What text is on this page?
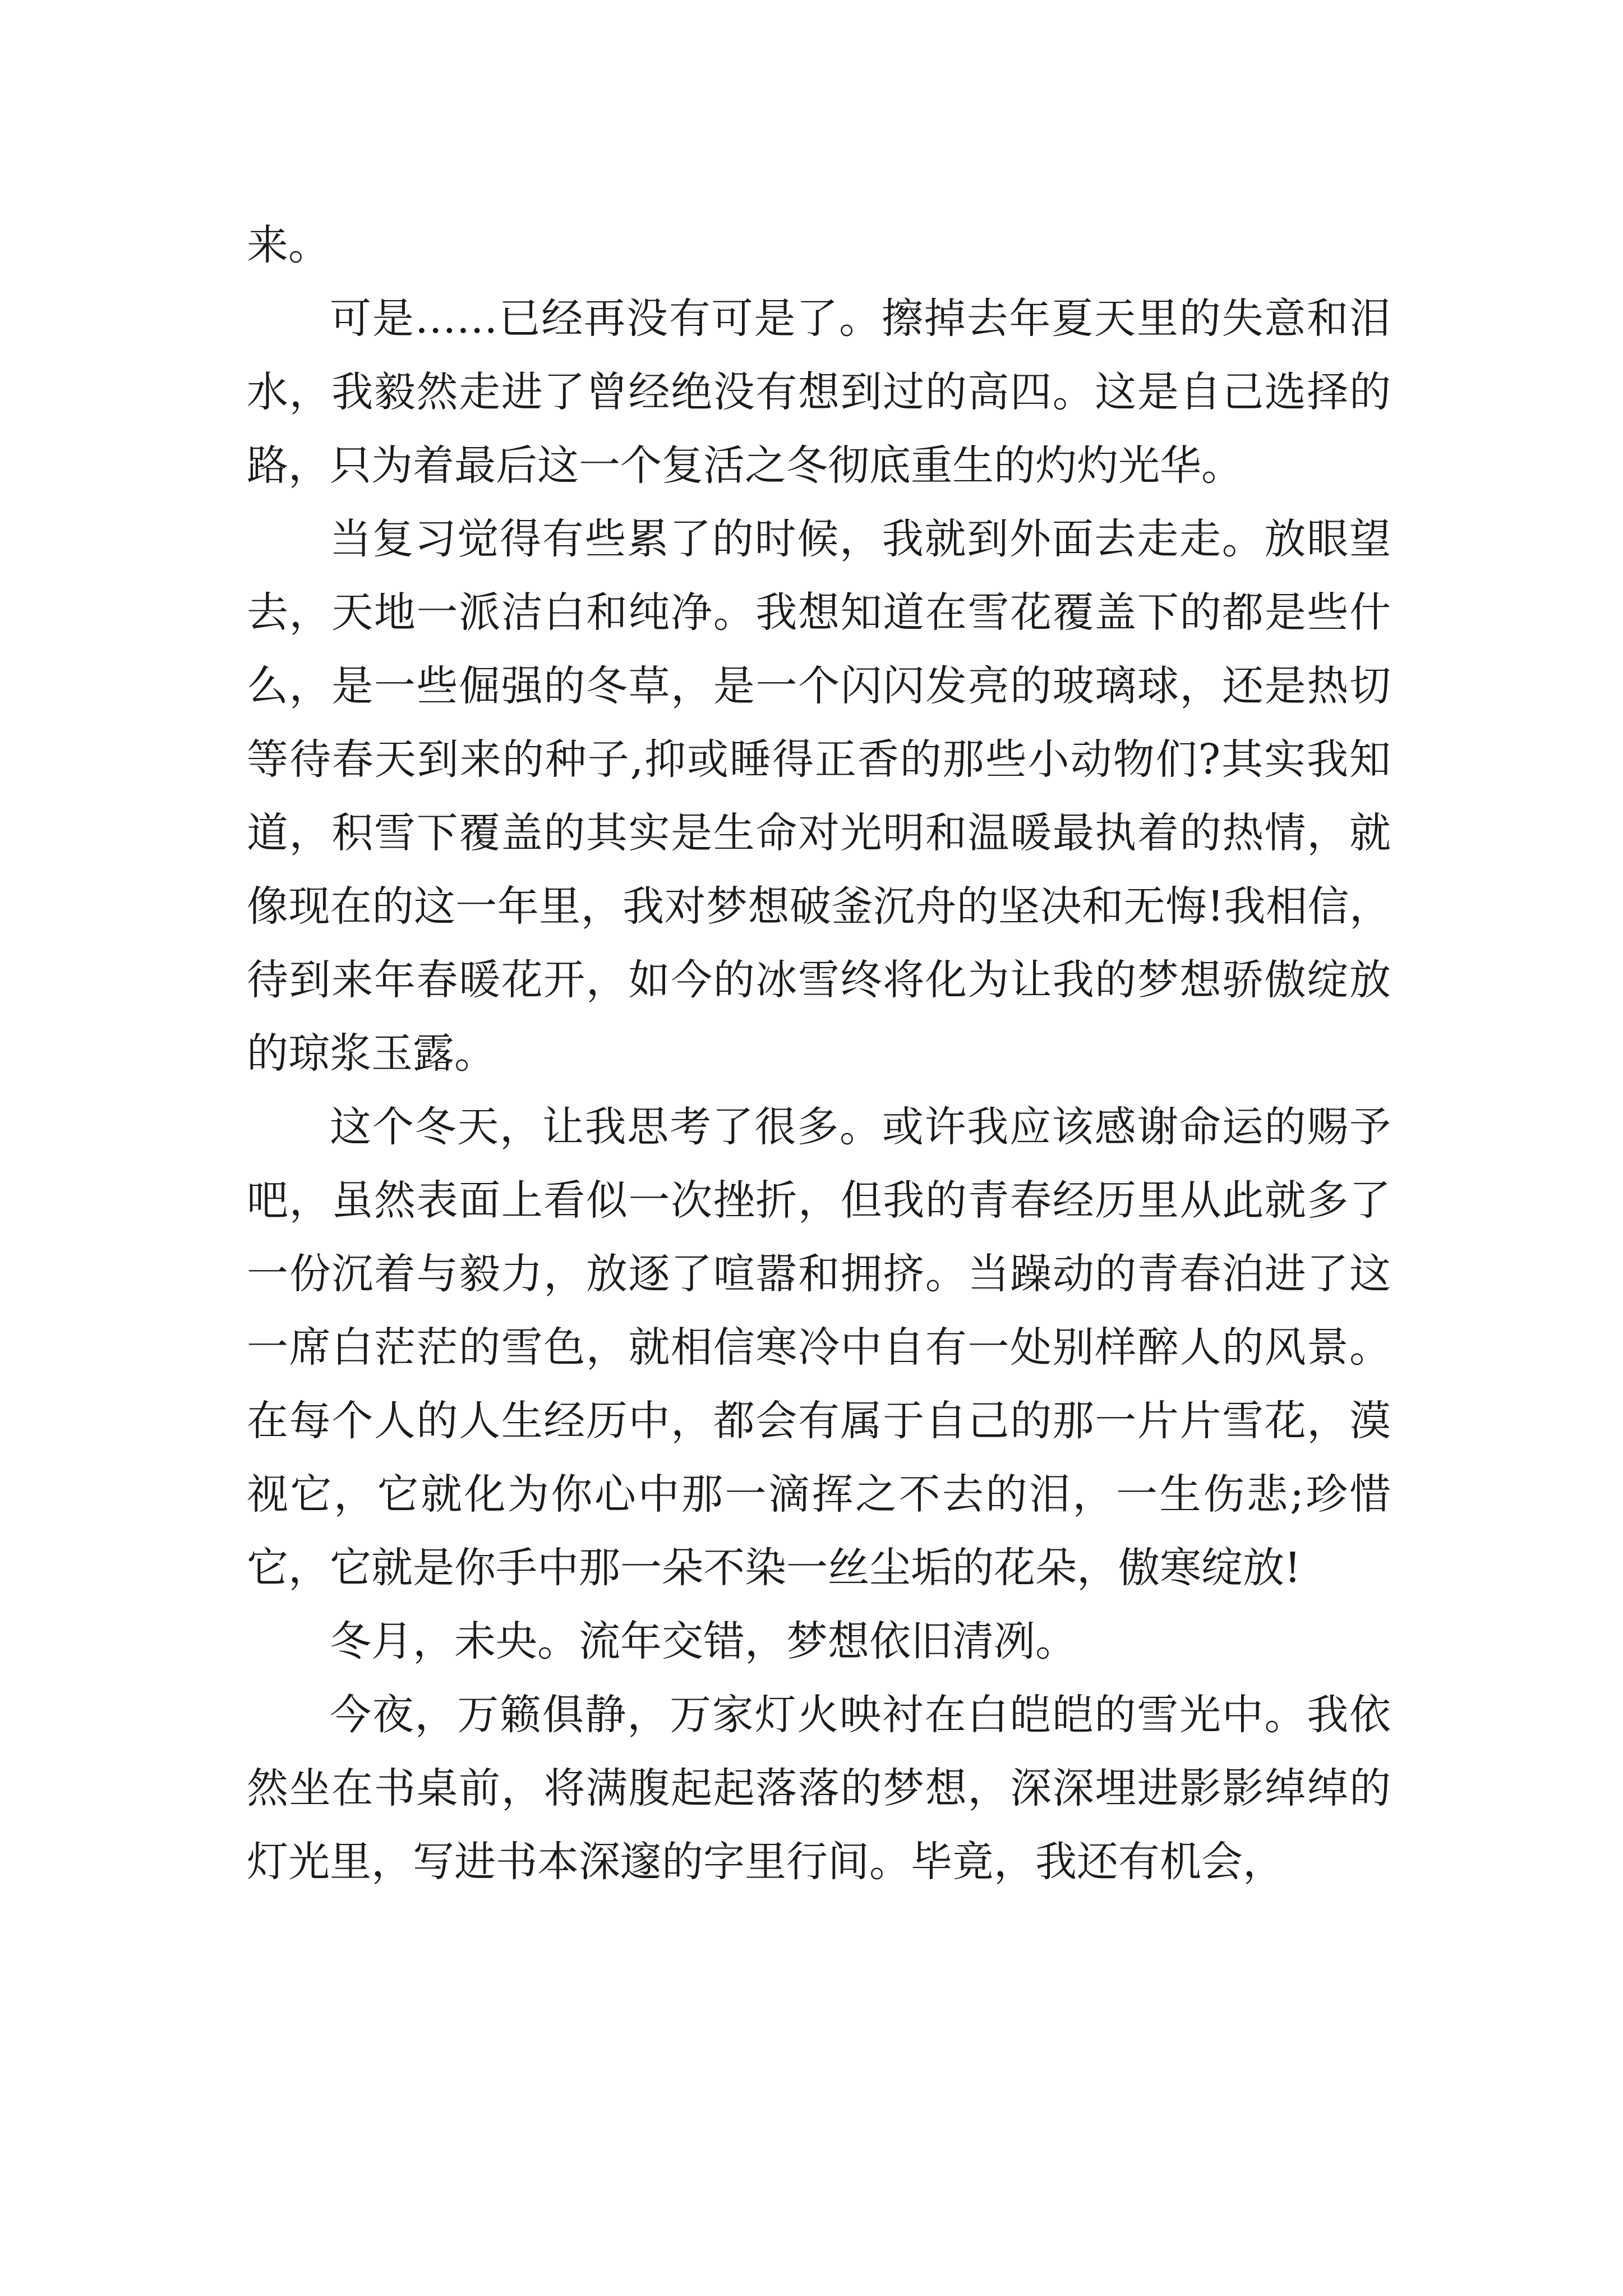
来。

可是……已经再没有可是了。擦掉去年夏天里的失意和泪水，我毅然走进了曾经绝没有想到过的高四。这是自己选择的路，只为着最后这一个复活之冬彻底重生的灼灼光华。

当复习觉得有些累了的时候，我就到外面去走走。放眼望去，天地一派洁白和纯净。我想知道在雪花覆盖下的都是些什么，是一些倔强的冬草，是一个闪闪发亮的玻璃球，还是热切等待春天到来的种子,抑或睡得正香的那些小动物们?其实我知道，积雪下覆盖的其实是生命对光明和温暖最执着的热情，就像现在的这一年里，我对梦想破釜沉舟的坚决和无悔!我相信，待到来年春暖花开，如今的冰雪终将化为让我的梦想骄傲绽放的琼浆玉露。

这个冬天，让我思考了很多。或许我应该感谢命运的赐予吧，虽然表面上看似一次挫折，但我的青春经历里从此就多了一份沉着与毅力，放逐了喧嚣和拥挤。当躁动的青春泊进了这一席白茫茫的雪色，就相信寒冷中自有一处别样醉人的风景。在每个人的人生经历中，都会有属于自己的那一片片雪花，漠视它，它就化为你心中那一滴挥之不去的泪，一生伤悲;珍惜它，它就是你手中那一朵不染一丝尘垢的花朵，傲寒绽放!

冬月，未央。流年交错，梦想依旧清冽。

今夜，万籁俱静，万家灯火映衬在白皑皑的雪光中。我依然坐在书桌前，将满腹起起落落的梦想，深深埋进影影绰绰的灯光里，写进书本深邃的字里行间。毕竟，我还有机会，
